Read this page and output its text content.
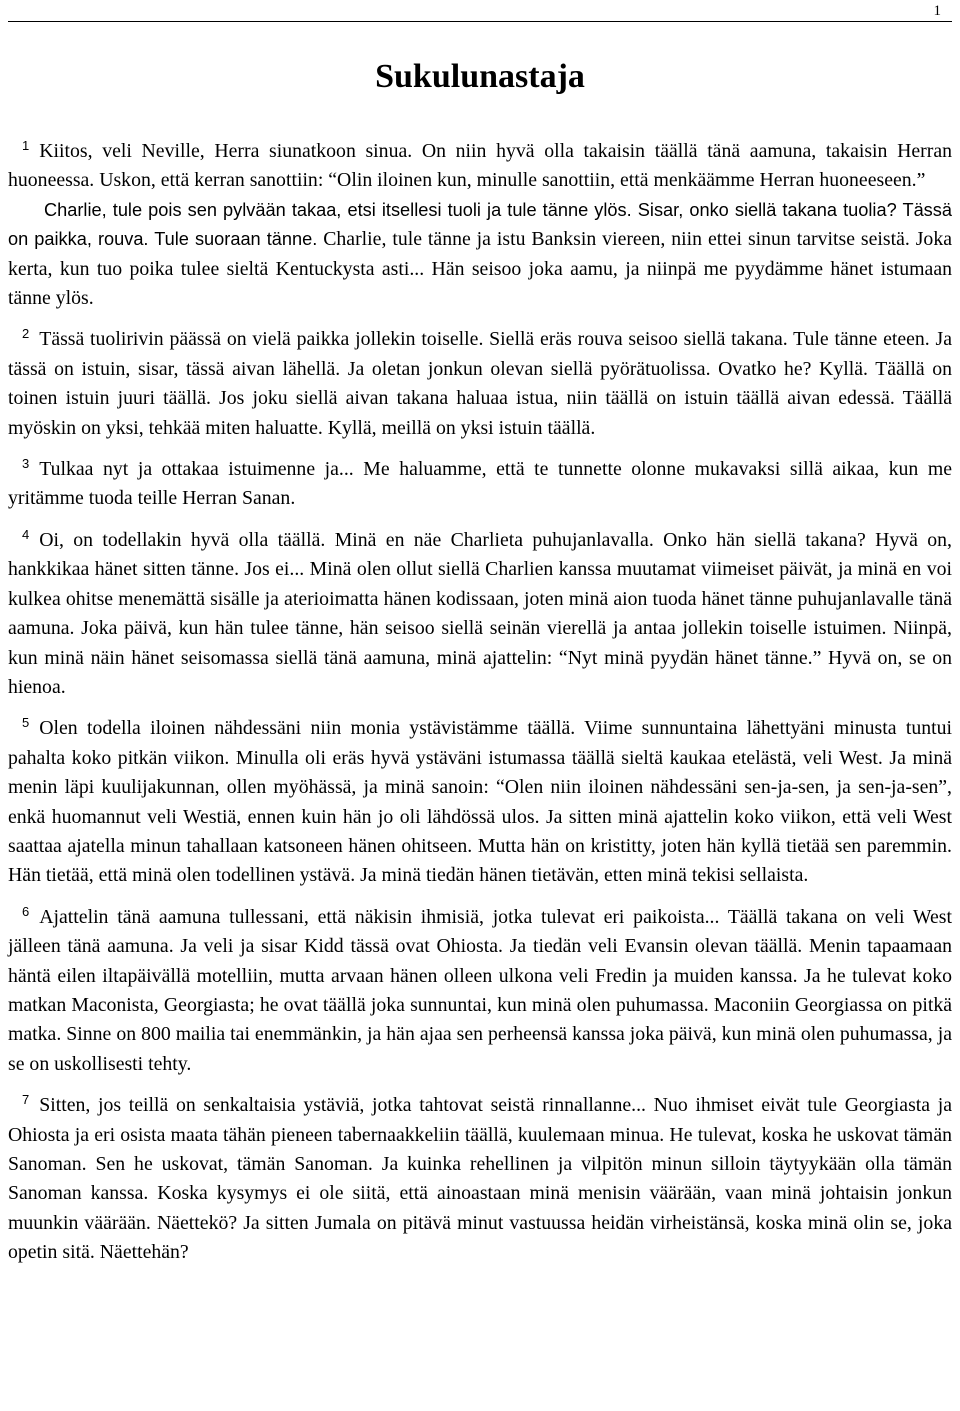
1
Sukulunastaja

$^1$ Kiitos, veli Neville, Herra siunatkoon sinua. On niin hyvä olla takaisin täällä tänä aamuna, takaisin Herran huoneessa. Uskon, että kerran sanottiin: “Olin iloinen kun, minulle sanottiin, että menkäämme Herran huoneeseen.”
Charlie, tule pois sen pylvään takaa, etsi itsellesi tuoli ja tule tänne ylös. Sisar, onko siellä takana tuolia? Tässä on paikka, rouva. Tule suoraan tänne. Charlie, tule tänne ja istu Banksin viereen, niin ettei sinun tarvitse seistä. Joka kerta, kun tuo poika tulee sieltä Kentuckysta asti... Hän seisoo joka aamu, ja niinpä me pyydämme hänet istumaan tänne ylös.

$^2$ Tässä tuolirivin päässä on vielä paikka jollekin toiselle. Siellä eräs rouva seisoo siellä takana. Tule tänne eteen. Ja tässä on istuin, sisar, tässä aivan lähellä. Ja oletan jonkun olevan siellä pyörätuolissa. Ovatko he? Kyllä. Täällä on toinen istuin juuri täällä. Jos joku siellä aivan takana haluaa istua, niin täällä on istuin täällä aivan edessä. Täällä myöskin on yksi, tehkää miten haluatte. Kyllä, meillä on yksi istuin täällä.

$^3$ Tulkaa nyt ja ottakaa istuimenne ja... Me haluamme, että te tunnette olonne mukavaksi sillä aikaa, kun me yritämme tuoda teille Herran Sanan.

$^4$ Oi, on todellakin hyvä olla täällä. Minä en näe Charlieta puhujanlavalla. Onko hän siellä takana? Hyvä on, hankkikaa hänet sitten tänne. Jos ei... Minä olen ollut siellä Charlien kanssa muutamat viimeiset päivät, ja minä en voi kulkea ohitse menemättä sisälle ja aterioimatta hänen kodissaan, joten minä aion tuoda hänet tänne puhujanlavalle tänä aamuna. Joka päivä, kun hän tulee tänne, hän seisoo siellä seinän vierellä ja antaa jollekin toiselle istuimen. Niinpä, kun minä näin hänet seisomassa siellä tänä aamuna, minä ajattelin: “Nyt minä pyydän hänet tänne.” Hyvä on, se on hienoa.

$^5$ Olen todella iloinen nähdessäni niin monia ystävistämme täällä. Viime sunnuntaina lähettyäni minusta tuntui pahalta koko pitkän viikon. Minulla oli eräs hyvä ystäväni istumassa täällä sieltä kaukaa etelästä, veli West. Ja minä menin läpi kuulijakunnan, ollen myöhässä, ja minä sanoin: “Olen niin iloinen nähdessäni sen-ja-sen, ja sen-ja-sen”, enkä huomannut veli Westiä, ennen kuin hän jo oli lähdössä ulos. Ja sitten minä ajattelin koko viikon, että veli West saattaa ajatella minun tahallaan katsoneen hänen ohitseen. Mutta hän on kristitty, joten hän kyllä tietää sen paremmin. Hän tietää, että minä olen todellinen ystävä. Ja minä tiedän hänen tietävän, etten minä tekisi sellaista.

$^6$ Ajattelin tänä aamuna tullessani, että näkisin ihmisiä, jotka tulevat eri paikoista... Täällä takana on veli West jälleen tänä aamuna. Ja veli ja sisar Kidd tässä ovat Ohiosta. Ja tiedän veli Evansin olevan täällä. Menin tapaamaan häntä eilen iltapäivällä motelliin, mutta arvaan hänen olleen ulkona veli Fredin ja muiden kanssa. Ja he tulevat koko matkan Maconista, Georgiasta; he ovat täällä joka sunnuntai, kun minä olen puhumassa. Maconiin Georgiassa on pitkä matka. Sinne on 800 mailia tai enemmänkin, ja hän ajaa sen perheensä kanssa joka päivä, kun minä olen puhumassa, ja se on uskollisesti tehty.

$^7$ Sitten, jos teillä on senkaltaisia ystäviä, jotka tahtovat seistä rinnallanne... Nuo ihmiset eivät tule Georgiasta ja Ohiosta ja eri osista maata tähän pieneen tabernaakkeliin täällä, kuulemaan minua. He tulevat, koska he uskovat tämän Sanoman. Sen he uskovat, tämän Sanoman. Ja kuinka rehellinen ja vilpitön minun silloin täytyykään olla tämän Sanoman kanssa. Koska kysymys ei ole siitä, että ainoastaan minä menisin väärään, vaan minä johtaisin jonkun muunkin väärään. Näettekö? Ja sitten Jumala on pitävä minut vastuussa heidän virheistänsä, koska minä olin se, joka opetin sitä. Näettehän?
